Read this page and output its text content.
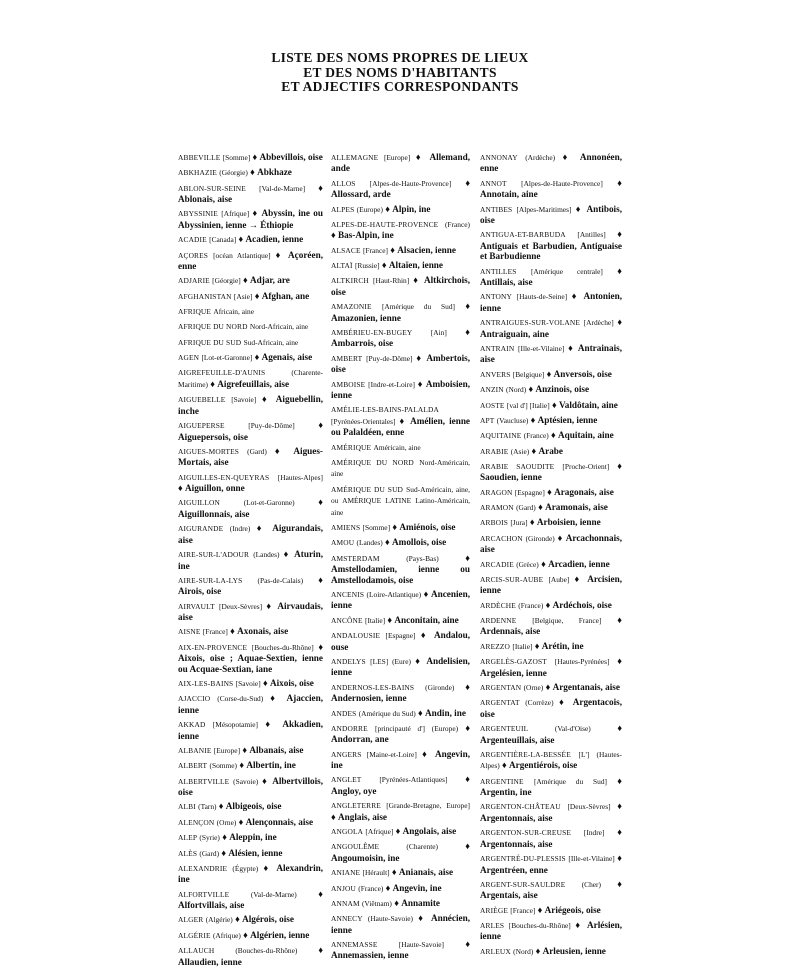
LISTE DES NOMS PROPRES DE LIEUX
ET DES NOMS D'HABITANTS
ET ADJECTIFS CORRESPONDANTS
ABBEVILLE [Somme] ♦ Abbevillois, oise
ABKHAZIE (Géorgie) ♦ Abkhaze
ABLON-SUR-SEINE [Val-de-Marne] ♦ Ablonais, aise
ABYSSINIE [Afrique] ♦ Abyssin, ine ou Abyssinien, ienne → Éthiopie
ACADIE [Canada] ♦ Acadien, ienne
AÇORES [océan Atlantique] ♦ Açoréen, enne
ADJARIE [Géorgie] ♦ Adjar, are
AFGHANISTAN [Asie] ♦ Afghan, ane
AFRIQUE Africain, aine
AFRIQUE DU NORD Nord-Africain, aine
AFRIQUE DU SUD Sud-Africain, aine
AGEN [Lot-et-Garonne] ♦ Agenais, aise
AIGREFEUILLE-D'AUNIS	(Charente-Maritime) ♦ Aigrefeuillais, aise
AIGUEBELLE [Savoie] ♦ Aiguebellin, inche
AIGUEPERSE	[Puy-de-Dôme]	♦ Aiguepersois, oise
AIGUES-MORTES (Gard) ♦ Aigues-Mortais, aise
AIGUILLES-EN-QUEYRAS [Hautes-Alpes] ♦ Aiguillon, onne
AIGUILLON	(Lot-et-Garonne)	♦ Aiguillonnais, aise
AIGURANDE (Indre) ♦ Aigurandais, aise
AIRE-SUR-L'ADOUR (Landes) ♦ Aturin, ine
AIRE-SUR-LA-LYS (Pas-de-Calais) ♦ Airois, oise
AIRVAULT [Deux-Sèvres] ♦ Airvaudais, aise
AISNE [France] ♦ Axonais, aise
AIX-EN-PROVENCE [Bouches-du-Rhône] ♦ Aixois, oise ; Aquae-Sextien, ienne ou Acquae-Sextian, iane
AIX-LES-BAINS [Savoie] ♦ Aixois, oise
AJACCIO (Corse-du-Sud) ♦ Ajaccien, ienne
AKKAD [Mésopotamie] ♦ Akkadien, ienne
ALBANIE [Europe] ♦ Albanais, aise
ALBERT (Somme) ♦ Albertin, ine
ALBERTVILLE (Savoie) ♦ Albertvillois, oise
ALBI (Tarn) ♦ Albigeois, oise
ALENÇON (Orne) ♦ Alençonnais, aise
ALEP (Syrie) ♦ Aleppin, ine
ALÈS (Gard) ♦ Alésien, ienne
ALEXANDRIE (Égypte) ♦ Alexandrin, ine
ALFORTVILLE	(Val-de-Marne) ♦ Alfortvillais, aise
ALGER (Algérie) ♦ Algérois, oise
ALGÉRIE (Afrique) ♦ Algérien, ienne
ALLAUCH	(Bouches-du-Rhône) ♦ Allaudien, ienne
ALLEMAGNE [Europe] ♦ Allemand, ande
ALLOS [Alpes-de-Haute-Provence] ♦ Allossard, arde
ALPES (Europe) ♦ Alpin, ine
ALPES-DE-HAUTE-PROVENCE (France) ♦ Bas-Alpin, ine
ALSACE [France] ♦ Alsacien, ienne
ALTAÏ [Russie] ♦ Altaïen, ienne
ALTKIRCH [Haut-Rhin] ♦ Altkirchois, oise
AMAZONIE [Amérique du Sud] ♦ Amazonien, ienne
AMBÉRIEU-EN-BUGEY [Ain] ♦ Ambarrois, oise
AMBERT [Puy-de-Dôme] ♦ Ambertois, oise
AMBOISE [Indre-et-Loire] ♦ Amboisien, ienne
AMÉLIE-LES-BAINS-PALALDA [Pyrénées-Orientales] ♦ Amélien, ienne ou Palaldéen, enne
AMÉRIQUE Américain, aine
AMÉRIQUE DU NORD Nord-Américain, aine
AMÉRIQUE DU SUD Sud-Américain, aine, ou AMÉRIQUE LATINE Latino-Américain, aine
AMIENS [Somme] ♦ Amiénois, oise
AMOU (Landes) ♦ Amollois, oise
AMSTERDAM	(Pays-Bas)	♦ Amstellodamien, ienne ou Amstellodamois, oise
ANCENIS (Loire-Atlantique) ♦ Ancenien, ienne
ANCÔNE [Italie] ♦ Anconitain, aine
ANDALOUSIE [Espagne] ♦ Andalou, ouse
ANDELYS [LES] (Eure) ♦ Andelisien, ienne
ANDERNOS-LES-BAINS (Gironde) ♦ Andernosien, ienne
ANDES (Amérique du Sud) ♦ Andin, ine
ANDORRE [principauté d'] (Europe) ♦ Andorran, ane
ANGERS [Maine-et-Loire] ♦ Angevin, ine
ANGLET [Pyrénées-Atlantiques] ♦ Angloy, oye
ANGLETERRE [Grande-Bretagne, Europe] ♦ Anglais, aise
ANGOLA [Afrique] ♦ Angolais, aise
ANGOULÊME	(Charente)	♦ Angoumoisin, ine
ANIANE [Hérault] ♦ Anianais, aise
ANJOU (France) ♦ Angevin, ine
ANNAM (Viêtnam) ♦ Annamite
ANNECY (Haute-Savoie) ♦ Annécien, ienne
ANNEMASSE	[Haute-Savoie] ♦ Annemassien, ienne
ANNONAY (Ardèche) ♦ Annonéen, enne
ANNOT [Alpes-de-Haute-Provence] ♦ Annotain, aine
ANTIBES [Alpes-Maritimes] ♦ Antibois, oise
ANTIGUA-ET-BARBUDA [Antilles] ♦ Antiguais et Barbudien, Antiguaise et Barbudienne
ANTILLES [Amérique centrale] ♦ Antillais, aise
ANTONY [Hauts-de-Seine] ♦ Antonien, ienne
ANTRAIGUES-SUR-VOLANE [Ardèche] ♦ Antraiguain, aine
ANTRAIN [Ille-et-Vilaine] ♦ Antrainais, aise
ANVERS [Belgique] ♦ Anversois, oise
ANZIN (Nord) ♦ Anzinois, oise
AOSTE [val d'] [Italie] ♦ Valdôtain, aine
APT (Vaucluse) ♦ Aptésien, ienne
AQUITAINE (France) ♦ Aquitain, aine
ARABIE (Asie) ♦ Arabe
ARABIE SAOUDITE [Proche-Orient] ♦ Saoudien, ienne
ARAGON [Espagne] ♦ Aragonais, aise
ARAMON (Gard) ♦ Aramonais, aise
ARBOIS [Jura] ♦ Arboisien, ienne
ARCACHON (Gironde) ♦ Arcachonnais, aise
ARCADIE (Grèce) ♦ Arcadien, ienne
ARCIS-SUR-AUBE [Aube] ♦ Arcisien, ienne
ARDÈCHE (France) ♦ Ardéchois, oise
ARDENNE [Belgique, France] ♦ Ardennais, aise
AREZZO [Italie] ♦ Arétin, ine
ARGELÈS-GAZOST [Hautes-Pyrénées] ♦ Argelésien, ienne
ARGENTAN (Orne) ♦ Argentanais, aise
ARGENTAT (Corrèze) ♦ Argentacois, oise
ARGENTEUIL	(Val-d'Oise)	♦ Argenteuillais, aise
ARGENTIÈRE-LA-BESSÉE [L'] (Hautes-Alpes) ♦ Argentiérois, oise
ARGENTINE [Amérique du Sud] ♦ Argentin, ine
ARGENTON-CHÂTEAU [Deux-Sèvres] ♦ Argentonnais, aise
ARGENTON-SUR-CREUSE [Indre] ♦ Argentonnais, aise
ARGENTRÉ-DU-PLESSIS [Ille-et-Vilaine] ♦ Argentréen, enne
ARGENT-SUR-SAULDRE (Cher) ♦ Argentais, aise
ARIÈGE [France] ♦ Ariégeois, oise
ARLES [Bouches-du-Rhône] ♦ Arlésien, ienne
ARLEUX (Nord) ♦ Arleusien, ienne
